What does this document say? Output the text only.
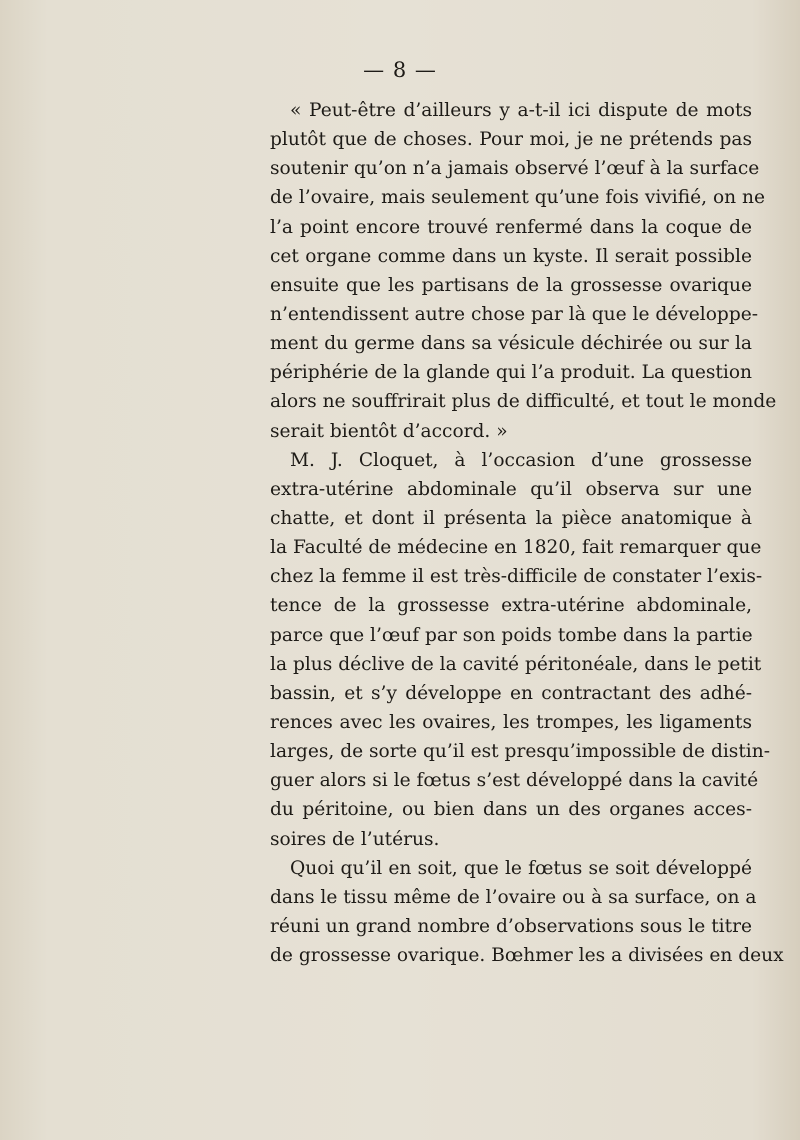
— 8 —
« Peut-être d’ailleurs y a-t-il ici dispute de mots
plutôt que de choses. Pour moi, je ne prétends pas
soutenir qu’on n’a jamais observé l’œuf à la surface
de l’ovaire, mais seulement qu’une fois vivifié, on ne
l’a point encore trouvé renfermé dans la coque de
cet organe comme dans un kyste. Il serait possible
ensuite que les partisans de la grossesse ovarique
n’entendissent autre chose par là que le développe-
ment du germe dans sa vésicule déchirée ou sur la
périphérie de la glande qui l’a produit. La question
alors ne souffrirait plus de difficulté, et tout le monde
serait bientôt d’accord. »
M. J. Cloquet, à l’occasion d’une grossesse
extra-utérine abdominale qu’il observa sur une
chatte, et dont il présenta la pièce anatomique à
la Faculté de médecine en 1820, fait remarquer que
chez la femme il est très-difficile de constater l’exis-
tence de la grossesse extra-utérine abdominale,
parce que l’œuf par son poids tombe dans la partie
la plus déclive de la cavité péritonéale, dans le petit
bassin, et s’y développe en contractant des adhé-
rences avec les ovaires, les trompes, les ligaments
larges, de sorte qu’il est presqu’impossible de distin-
guer alors si le fœtus s’est développé dans la cavité
du péritoine, ou bien dans un des organes acces-
soires de l’utérus.
Quoi qu’il en soit, que le fœtus se soit développé
dans le tissu même de l’ovaire ou à sa surface, on a
réuni un grand nombre d’observations sous le titre
de grossesse ovarique. Bœhmer les a divisées en deux
